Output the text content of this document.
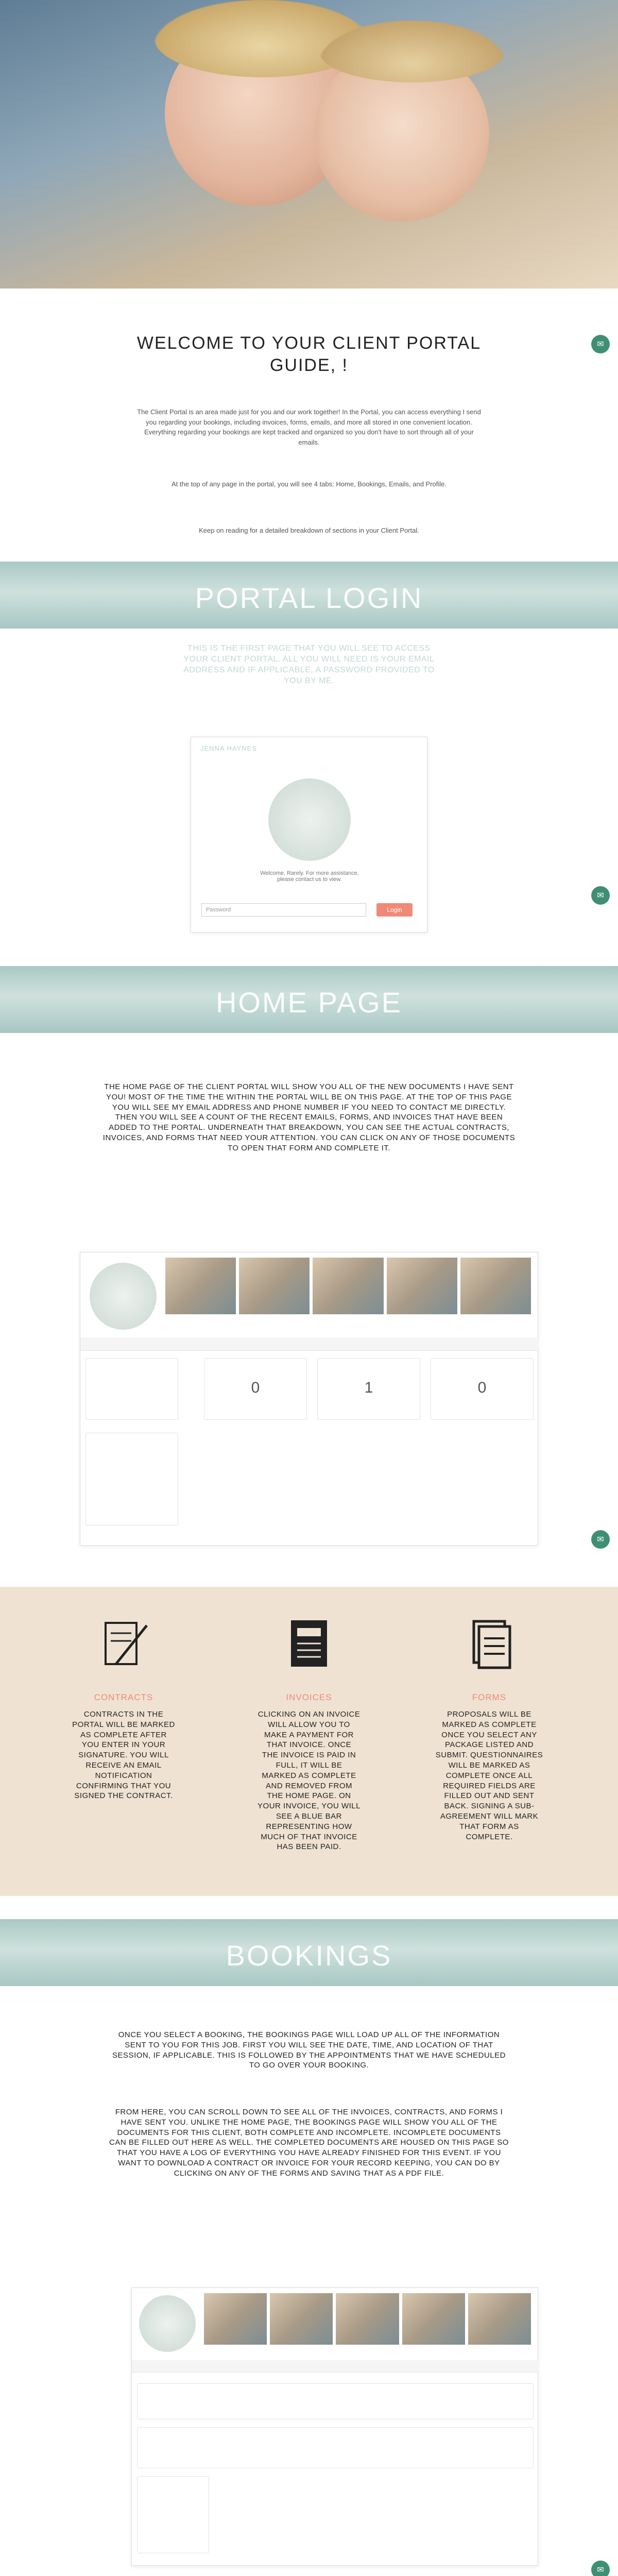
✉
WELCOME TO YOUR CLIENT PORTAL GUIDE, !
The Client Portal is an area made just for you and our work together! In the Portal, you can access everything I send you regarding your bookings, including invoices, forms, emails, and more all stored in one convenient location. Everything regarding your bookings are kept tracked and organized so you don't have to sort through all of your emails.
At the top of any page in the portal, you will see 4 tabs: Home, Bookings, Emails, and Profile.
Keep on reading for a detailed breakdown of sections in your Client Portal.
PORTAL LOGIN
THIS IS THE FIRST PAGE THAT YOU WILL SEE TO ACCESS YOUR CLIENT PORTAL. ALL YOU WILL NEED IS YOUR EMAIL ADDRESS AND IF APPLICABLE, A PASSWORD PROVIDED TO YOU BY ME.
JENNA HAYNES
Welcome, Rarely. For more assistance, please contact us to view.
Password	Login
✉
HOME PAGE
THE HOME PAGE OF THE CLIENT PORTAL WILL SHOW YOU ALL OF THE NEW DOCUMENTS I HAVE SENT YOU! MOST OF THE TIME THE WITHIN THE PORTAL WILL BE ON THIS PAGE. AT THE TOP OF THIS PAGE YOU WILL SEE MY EMAIL ADDRESS AND PHONE NUMBER IF YOU NEED TO CONTACT ME DIRECTLY. THEN YOU WILL SEE A COUNT OF THE RECENT EMAILS, FORMS, AND INVOICES THAT HAVE BEEN ADDED TO THE PORTAL. UNDERNEATH THAT BREAKDOWN, YOU CAN SEE THE ACTUAL CONTRACTS, INVOICES, AND FORMS THAT NEED YOUR ATTENTION. YOU CAN CLICK ON ANY OF THOSE DOCUMENTS TO OPEN THAT FORM AND COMPLETE IT.
0	1	0
✉
CONTRACTS
CONTRACTS IN THE PORTAL WILL BE MARKED AS COMPLETE AFTER YOU ENTER IN YOUR SIGNATURE. YOU WILL RECEIVE AN EMAIL NOTIFICATION CONFIRMING THAT YOU SIGNED THE CONTRACT.
INVOICES
CLICKING ON AN INVOICE WILL ALLOW YOU TO MAKE A PAYMENT FOR THAT INVOICE. ONCE THE INVOICE IS PAID IN FULL, IT WILL BE MARKED AS COMPLETE AND REMOVED FROM THE HOME PAGE. ON YOUR INVOICE, YOU WILL SEE A BLUE BAR REPRESENTING HOW MUCH OF THAT INVOICE HAS BEEN PAID.
FORMS
PROPOSALS WILL BE MARKED AS COMPLETE ONCE YOU SELECT ANY PACKAGE LISTED AND SUBMIT. QUESTIONNAIRES WILL BE MARKED AS COMPLETE ONCE ALL REQUIRED FIELDS ARE FILLED OUT AND SENT BACK. SIGNING A SUB-AGREEMENT WILL MARK THAT FORM AS COMPLETE.
BOOKINGS
ONCE YOU SELECT A BOOKING, THE BOOKINGS PAGE WILL LOAD UP ALL OF THE INFORMATION SENT TO YOU FOR THIS JOB. FIRST YOU WILL SEE THE DATE, TIME, AND LOCATION OF THAT SESSION, IF APPLICABLE. THIS IS FOLLOWED BY THE APPOINTMENTS THAT WE HAVE SCHEDULED TO GO OVER YOUR BOOKING.
FROM HERE, YOU CAN SCROLL DOWN TO SEE ALL OF THE INVOICES, CONTRACTS, AND FORMS I HAVE SENT YOU. UNLIKE THE HOME PAGE, THE BOOKINGS PAGE WILL SHOW YOU ALL OF THE DOCUMENTS FOR THIS CLIENT, BOTH COMPLETE AND INCOMPLETE. INCOMPLETE DOCUMENTS CAN BE FILLED OUT HERE AS WELL. THE COMPLETED DOCUMENTS ARE HOUSED ON THIS PAGE SO THAT YOU HAVE A LOG OF EVERYTHING YOU HAVE ALREADY FINISHED FOR THIS EVENT. IF YOU WANT TO DOWNLOAD A CONTRACT OR INVOICE FOR YOUR RECORD KEEPING, YOU CAN DO BY CLICKING ON ANY OF THE FORMS AND SAVING THAT AS A PDF FILE.
✉
